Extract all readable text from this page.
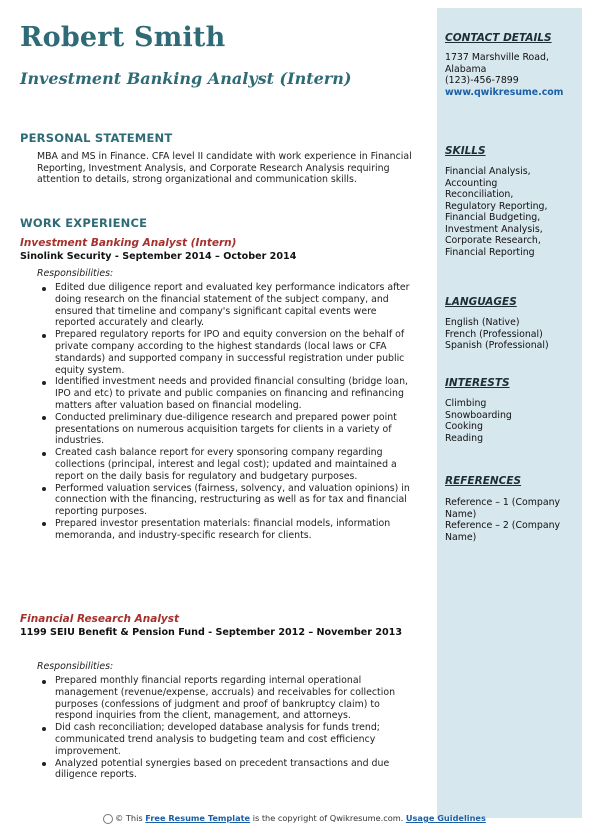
Robert Smith
Investment Banking Analyst (Intern)
PERSONAL STATEMENT
MBA and MS in Finance. CFA level II candidate with work experience in Financial Reporting, Investment Analysis, and Corporate Research Analysis requiring attention to details, strong organizational and communication skills.
WORK EXPERIENCE
Investment Banking Analyst (Intern)
Sinolink Security - September 2014 – October 2014
Responsibilities:
Edited due diligence report and evaluated key performance indicators after doing research on the financial statement of the subject company, and ensured that timeline and company's significant capital events were reported accurately and clearly.
Prepared regulatory reports for IPO and equity conversion on the behalf of private company according to the highest standards (local laws or CFA standards) and supported company in successful registration under public equity system.
Identified investment needs and provided financial consulting (bridge loan, IPO and etc) to private and public companies on financing and refinancing matters after valuation based on financial modeling.
Conducted preliminary due-diligence research and prepared power point presentations on numerous acquisition targets for clients in a variety of industries.
Created cash balance report for every sponsoring company regarding collections (principal, interest and legal cost); updated and maintained a report on the daily basis for regulatory and budgetary purposes.
Performed valuation services (fairness, solvency, and valuation opinions) in connection with the financing, restructuring as well as for tax and financial reporting purposes.
Prepared investor presentation materials: financial models, information memoranda, and industry-specific research for clients.
Financial Research Analyst
1199 SEIU Benefit & Pension Fund - September 2012 – November 2013
Responsibilities:
Prepared monthly financial reports regarding internal operational management (revenue/expense, accruals) and receivables for collection purposes (confessions of judgment and proof of bankruptcy claim) to respond inquiries from the client, management, and attorneys.
Did cash reconciliation; developed database analysis for funds trend; communicated trend analysis to budgeting team and cost efficiency improvement.
Analyzed potential synergies based on precedent transactions and due diligence reports.
CONTACT DETAILS
1737 Marshville Road,
Alabama
(123)-456-7899
www.qwikresume.com
SKILLS
Financial Analysis,
Accounting
Reconciliation,
Regulatory Reporting,
Financial Budgeting,
Investment Analysis,
Corporate Research,
Financial Reporting
LANGUAGES
English (Native)
French (Professional)
Spanish (Professional)
INTERESTS
Climbing
Snowboarding
Cooking
Reading
REFERENCES
Reference – 1 (Company
Name)
Reference – 2 (Company
Name)
© This Free Resume Template is the copyright of Qwikresume.com. Usage Guidelines
